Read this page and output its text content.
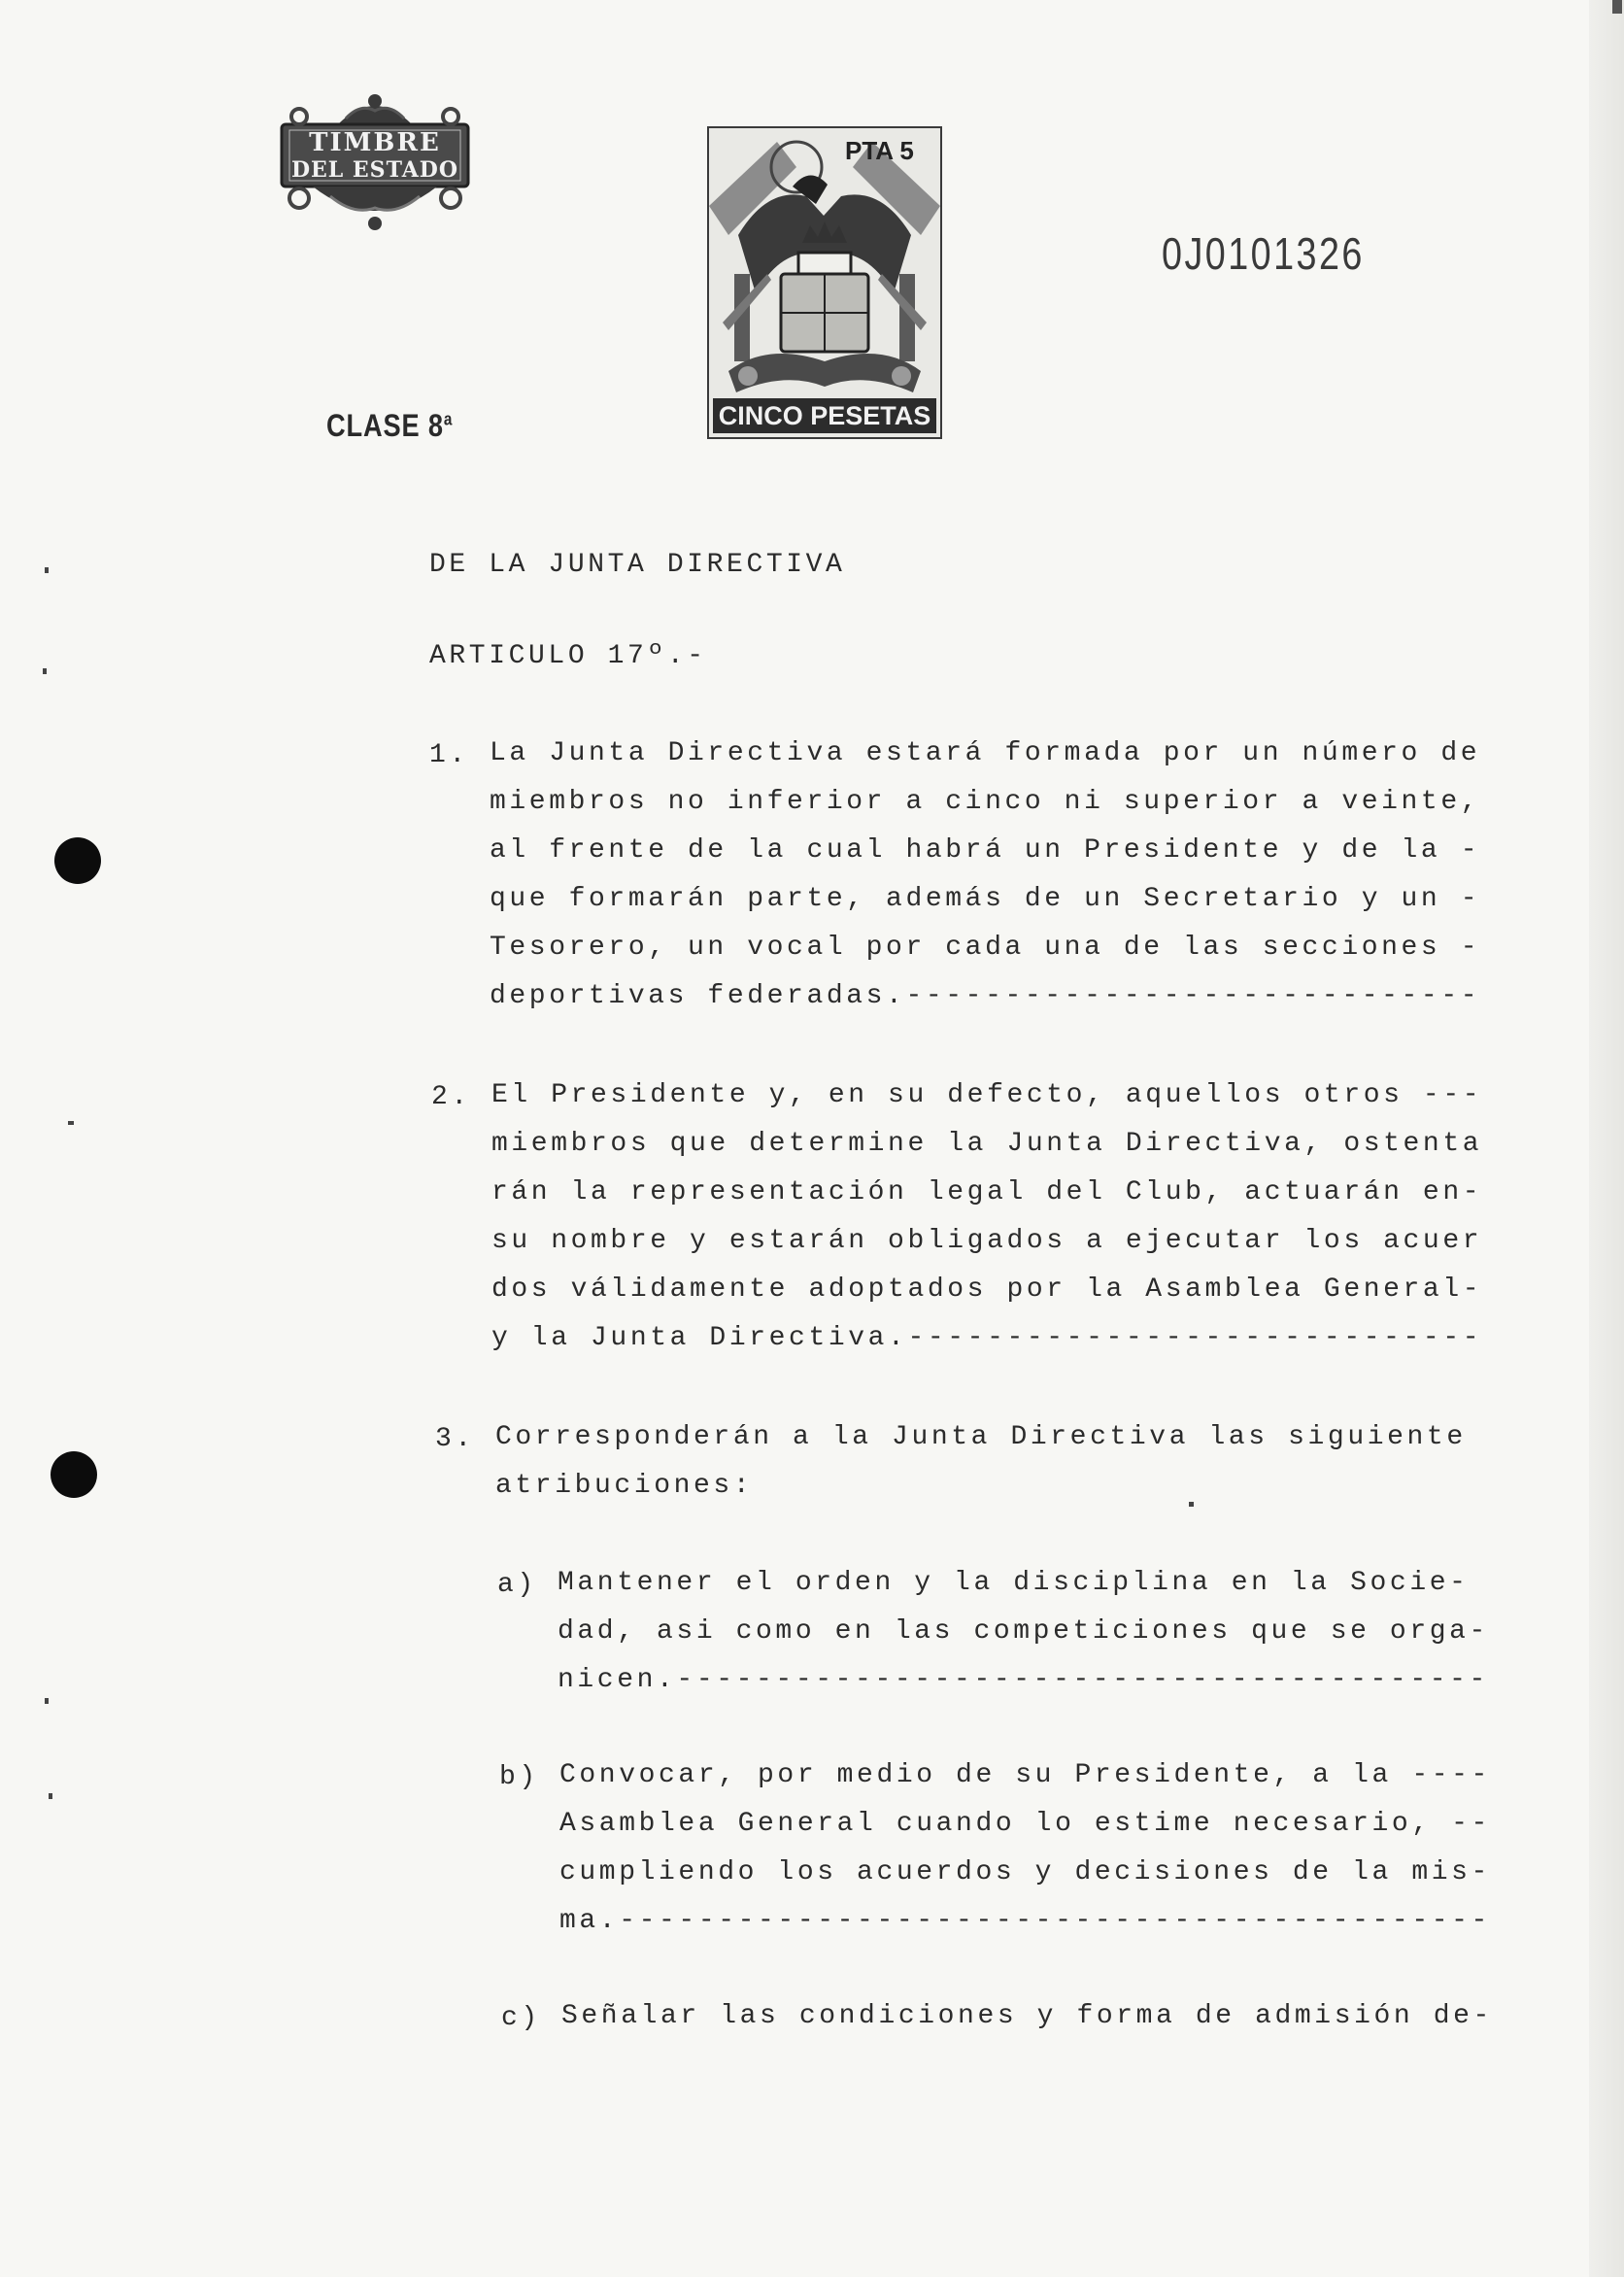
TIMBRE
DEL ESTADO
PTA 5
CINCO PESETAS
0J0101326
CLASE 8$^a$
DE LA JUNTA DIRECTIVA
ARTICULO 17º.-
1. La Junta Directiva estará formada por un número de
miembros no inferior a cinco ni superior a veinte,
al frente de la cual habrá un Presidente y de la -
que formarán parte, además de un Secretario y un -
Tesorero, un vocal por cada una de las secciones -
deportivas federadas.-----------------------------
2. El Presidente y, en su defecto, aquellos otros ---
miembros que determine la Junta Directiva, ostenta
rán la representación legal del Club, actuarán en-
su nombre y estarán obligados a ejecutar los acuer
dos válidamente adoptados por la Asamblea General-
y la Junta Directiva.-----------------------------
3. Corresponderán a la Junta Directiva las siguiente
atribuciones:
a) Mantener el orden y la disciplina en la Socie-
dad, asi como en las competiciones que se orga-
nicen.-----------------------------------------
b) Convocar, por medio de su Presidente, a la ----
Asamblea General cuando lo estime necesario, --
cumpliendo los acuerdos y decisiones de la mis-
ma.--------------------------------------------
c) Señalar las condiciones y forma de admisión de-
